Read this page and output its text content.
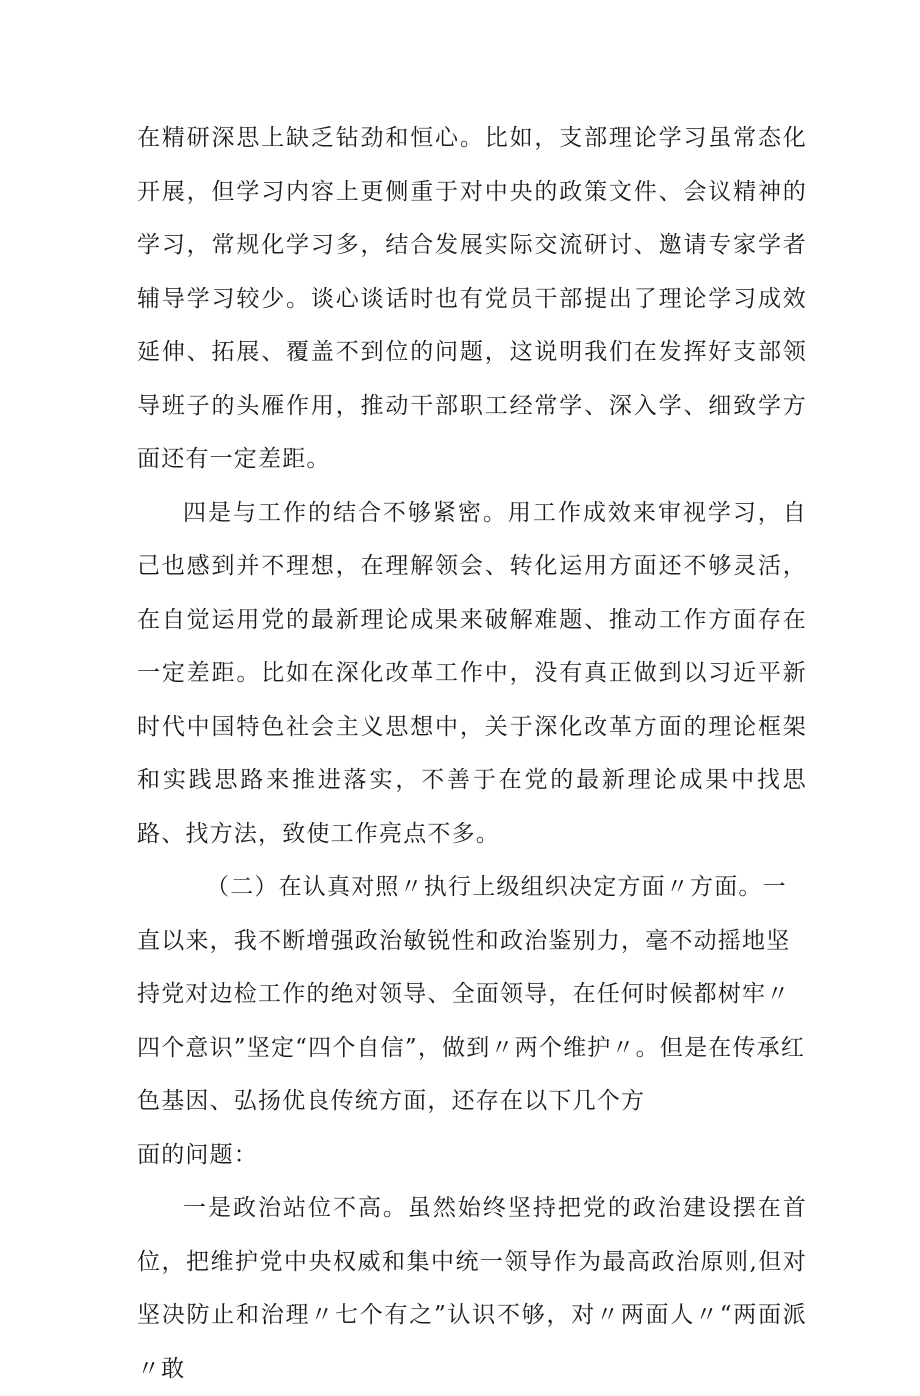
在精研深思上缺乏钻劲和恒心。比如，支部理论学习虽常态化开展，但学习内容上更侧重于对中央的政策文件、会议精神的学习，常规化学习多，结合发展实际交流研讨、邀请专家学者辅导学习较少。谈心谈话时也有党员干部提出了理论学习成效延伸、拓展、覆盖不到位的问题，这说明我们在发挥好支部领导班子的头雁作用，推动干部职工经常学、深入学、细致学方面还有一定差距。

四是与工作的结合不够紧密。用工作成效来审视学习，自己也感到并不理想，在理解领会、转化运用方面还不够灵活，在自觉运用党的最新理论成果来破解难题、推动工作方面存在一定差距。比如在深化改革工作中，没有真正做到以习近平新时代中国特色社会主义思想中，关于深化改革方面的理论框架和实践思路来推进落实，不善于在党的最新理论成果中找思路、找方法，致使工作亮点不多。

（二）在认真对照〃执行上级组织决定方面〃方面。一直以来，我不断增强政治敏锐性和政治鉴别力，毫不动摇地坚持党对边检工作的绝对领导、全面领导，在任何时候都树牢〃四个意识”坚定“四个自信”，做到〃两个维护〃。但是在传承红色基因、弘扬优良传统方面，还存在以下几个方

面的问题：

一是政治站位不高。虽然始终坚持把党的政治建设摆在首位，把维护党中央权威和集中统一领导作为最高政治原则,但对坚决防止和治理〃七个有之”认识不够，对〃两面人〃“两面派〃敢
